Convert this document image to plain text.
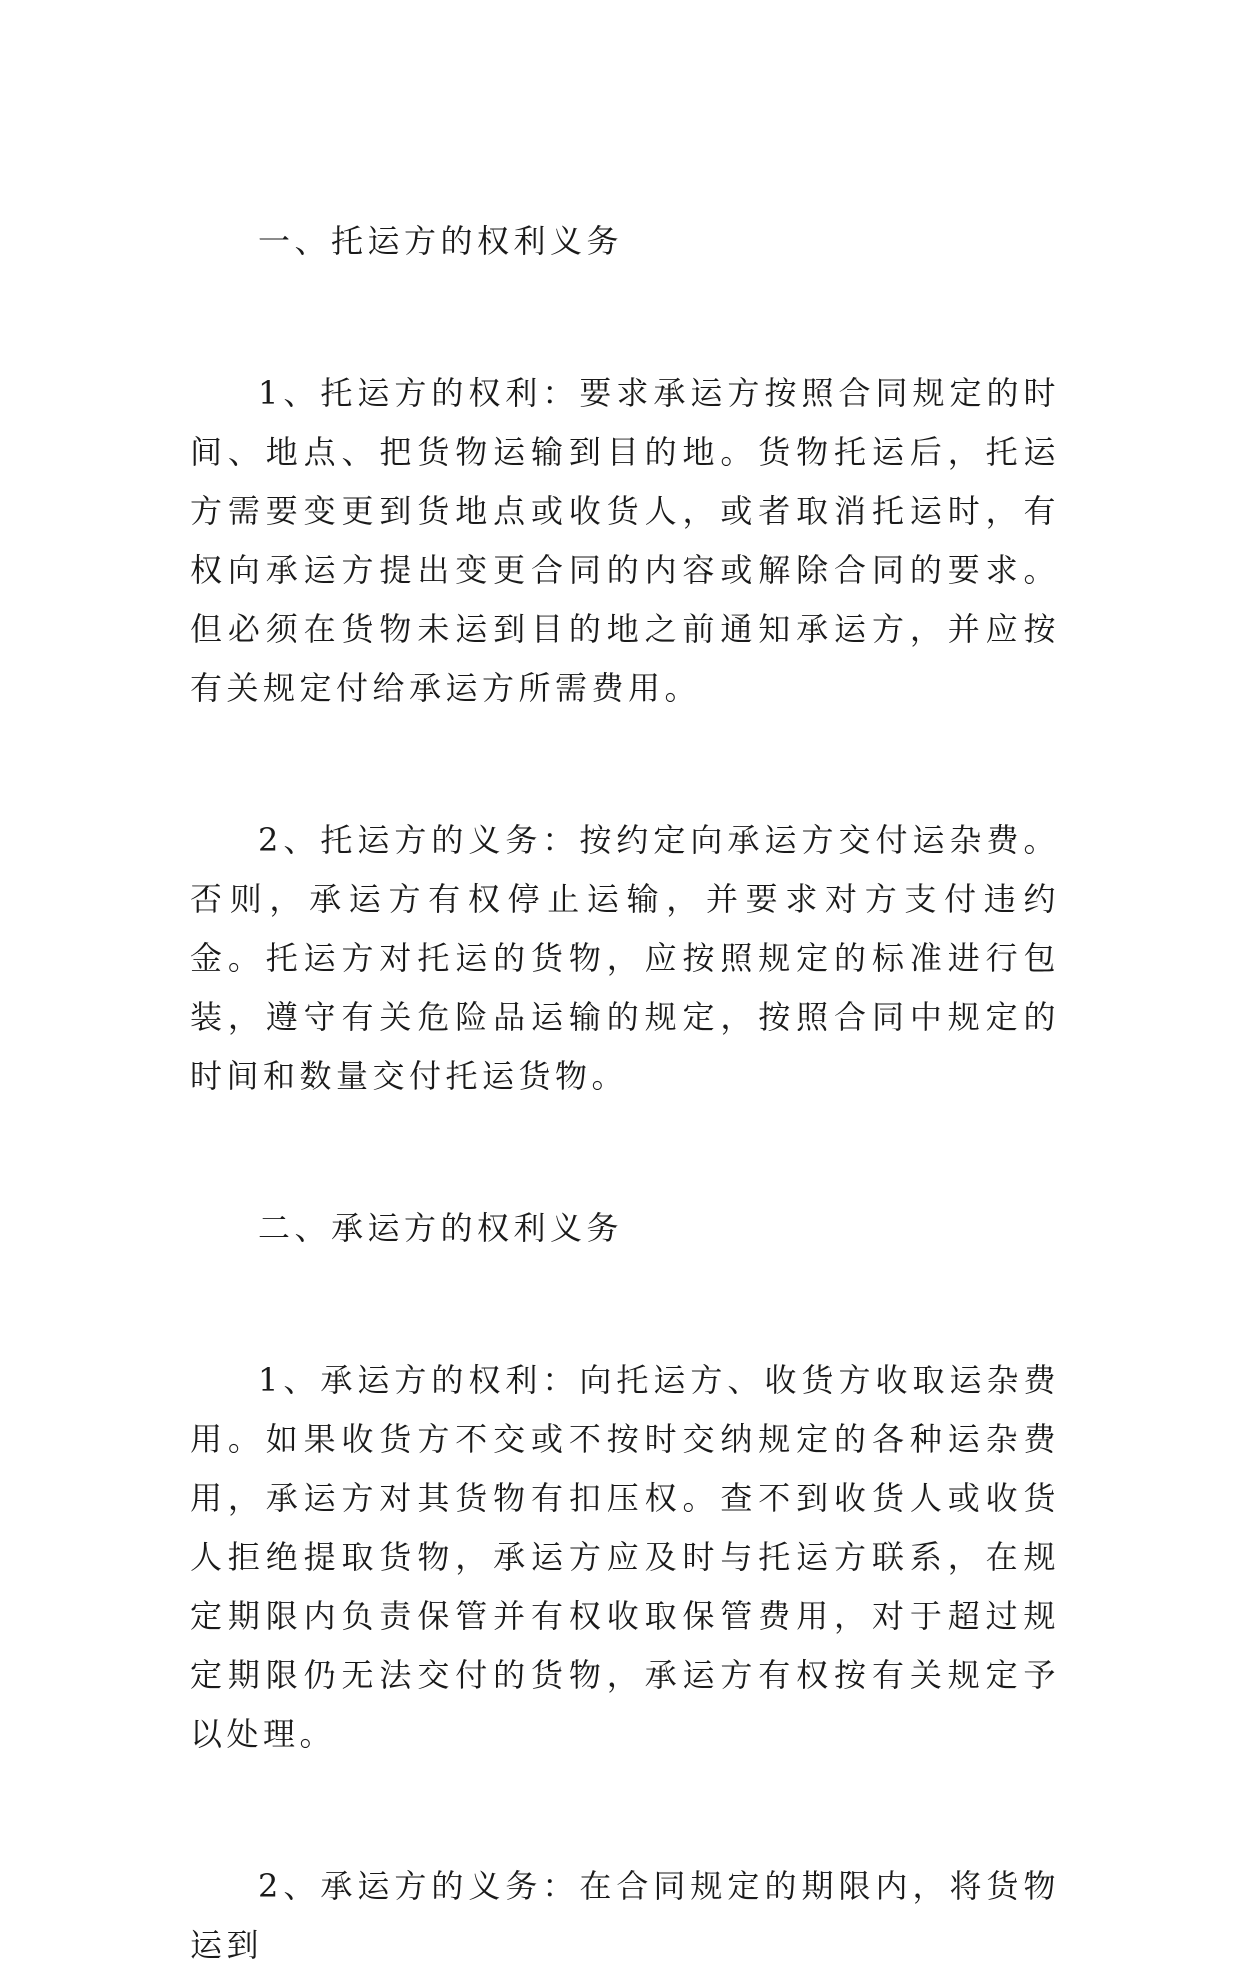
一、托运方的权利义务

1、托运方的权利：要求承运方按照合同规定的时间、地点、把货物运输到目的地。货物托运后，托运方需要变更到货地点或收货人，或者取消托运时，有权向承运方提出变更合同的内容或解除合同的要求。但必须在货物未运到目的地之前通知承运方，并应按有关规定付给承运方所需费用。

2、托运方的义务：按约定向承运方交付运杂费。否则，承运方有权停止运输，并要求对方支付违约金。托运方对托运的货物，应按照规定的标准进行包装，遵守有关危险品运输的规定，按照合同中规定的时间和数量交付托运货物。

二、承运方的权利义务

1、承运方的权利：向托运方、收货方收取运杂费用。如果收货方不交或不按时交纳规定的各种运杂费用，承运方对其货物有扣压权。查不到收货人或收货人拒绝提取货物，承运方应及时与托运方联系，在规定期限内负责保管并有权收取保管费用，对于超过规定期限仍无法交付的货物，承运方有权按有关规定予以处理。

2、承运方的义务：在合同规定的期限内，将货物运到
